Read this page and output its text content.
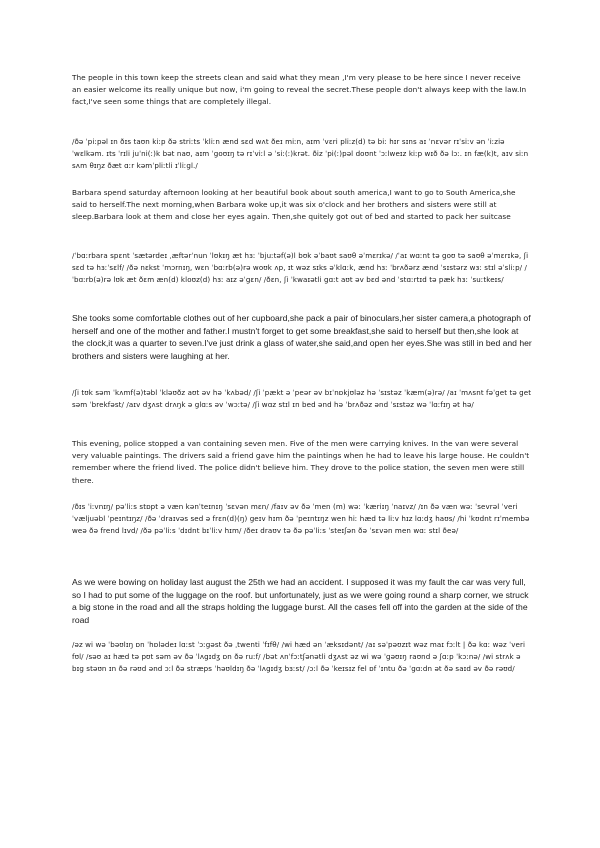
The people in this town keep the streets clean and said what they mean ,I'm very please to be here since I never receive an easier welcome its really unique but now, i'm going to reveal the secret.These people don't always keep with the law.In fact,I've seen some things that are completely illegal.

/ðə ˈpiːpəl ɪn ðɪs taʊn kiːp ðə striːts ˈkliːn ænd sɛd wʌt ðeɪ miːn, aɪm ˈvɛri pliːz(d) tə biː hɪr sɪns aɪ ˈnɛvər rɪˈsiːv ən ˈiːziə ˈwɛlkəm. ɪts ˈrɪli juˈni(ː)k bət naʊ, aɪm ˈgoʊɪŋ tə rɪˈviːl ə ˈsiː(ː)krət. ðiz ˈpi(ː)pəl doʊnt ˈɔːlweɪz kiːp wɪð ðə lɔː. ɪn fæ(k)t, aɪv siːn sʌm θɪŋz ðæt ɑːr kəmˈpliːtli ɪˈliːgl./

Barbara spend saturday afternoon looking at her beautiful book about south america,I want to go to South America,she said to herself.The next morning,when Barbara woke up,it was six o'clock and her brothers and sisters were still at sleep.Barbara look at them and close her eyes again. Then,she quitely got out of bed and started to pack her suitcase

/ˈbɑːrbara spɛnt ˈsætərdeɪ ˌæftərˈnun ˈlʊkɪŋ æt hɜː ˈbjuːtəf(ə)l bʊk əˈbaʊt saʊθ əˈmɛrɪkə/ /ˈaɪ wɑːnt tə goʊ tə saʊθ əˈmɛrɪkə, ʃi sɛd tə hɜːˈsɛlf/ /ðə nɛkst ˈmɔrnɪŋ, wɛn ˈbɑːrb(ə)rə woʊk ʌp, ɪt wəz sɪks əˈklɑːk, ænd hɜː ˈbrʌðərz ænd ˈsɪstərz wɜː stɪl əˈsliːp/ /ˈbɑːrb(ə)rə lʊk æt ðɛm æn(d) kloʊz(d) hɜː aɪz əˈgɛn/ /ðɛn, ʃi ˈkwaɪətli gɑːt aʊt əv bɛd ənd ˈstɑːrtɪd tə pæk hɜː ˈsuːtkeɪs/

She tooks some comfortable clothes out of her cupboard,she pack a pair of binoculars,her sister camera,a photograph of herself and one of the mother and father.I mustn't forget to get some breakfast,she said to herself but then,she look at the clock,it was a quarter to seven.I've just drink a glass of water,she said,and open her eyes.She was still in bed and her brothers and sisters were laughing at her.

/ʃi tʊk səm ˈkʌmf(ə)təbl ˈkləʊðz aʊt əv hə ˈkʌbəd/ /ʃi ˈpækt ə ˈpeər əv bɪˈnɒkjʊləz hə ˈsɪstəz ˈkæm(ə)rə/ /aɪ ˈmʌsnt fəˈget tə get səm ˈbrekfəst/ /aɪv dʒʌst drʌŋk ə glɑːs əv ˈwɔːtə/ /ʃi wɑz stɪl ɪn bed ənd hə ˈbrʌðəz ənd ˈsɪstəz wə ˈlɑːfɪŋ ət hə/

This evening, police stopped a van containing seven men. Five of the men were carrying knives. In the van were several very valuable paintings. The drivers said a friend gave him the paintings when he had to leave his large house. He couldn't remember where the friend lived. The police didn't believe him. They drove to the police station, the seven men were still there.

/ðɪs ˈiːvnɪŋ/ pəˈliːs stɒpt ə væn kənˈteɪnɪŋ ˈsɛvən mɛn/ /faɪv əv ðə ˈmen (m) wəː ˈkæriɪŋ ˈnaɪvz/ /ɪn ðə væn wəː ˈsevrəl ˈveri ˈvæljuəbl ˈpeɪntɪŋz/ /ðə ˈdraɪvəs sed ə frɛn(d)(ŋ) geɪv hɪm ðə ˈpeɪntɪŋz wen hiː hæd tə liːv hɪz lɑːdʒ haʊs/ /hi ˈkʊdnt rɪˈmembə weə ðə frend lɪvd/ /ðə pəˈliːs ˈdɪdnt bɪˈliːv hɪm/ /ðeɪ draʊv tə ðə pəˈliːs ˈsteɪʃən ðə ˈsɛvən men wɑː stɪl ðeə/

As we were bowing on holiday last august the 25th we had an accident. I supposed it was my fault the car was very full, so I had to put some of the luggage on the roof. but unfortunately, just as we were going round a sharp corner, we struck a big stone in the road and all the straps holding the luggage burst. All the cases fell off into the garden at the side of the road

/əz wi wə ˈbəʊlɪŋ ɒn ˈhɒlədeɪ lɑːst ˈɔːgəst ðə ˌtwenti ˈfɪfθ/ /wi hæd ən ˈæksɪdənt/ /aɪ səˈpəʊzɪt wəz maɪ fɔːlt | ðə kɑː wəz ˈveri fʊl/ /səʊ aɪ hæd tə pʊt səm əv ðə ˈlʌgɪdʒ ɒn ðə ruːf/ /bət ʌnˈfɔːtʃənətli dʒʌst əz wi wə ˈgəʊɪŋ raʊnd ə ʃɑːp ˈkɔːnə/ /wi strʌk ə bɪg stəʊn ɪn ðə rəʊd ənd ɔːl ðə stræps ˈhəʊldɪŋ ðə ˈlʌgɪdʒ bɜːst/ /ɔːl ðə ˈkeɪsɪz fel ɒf ˈɪntu ðə ˈgɑːdn ət ðə saɪd əv ðə rəʊd/
